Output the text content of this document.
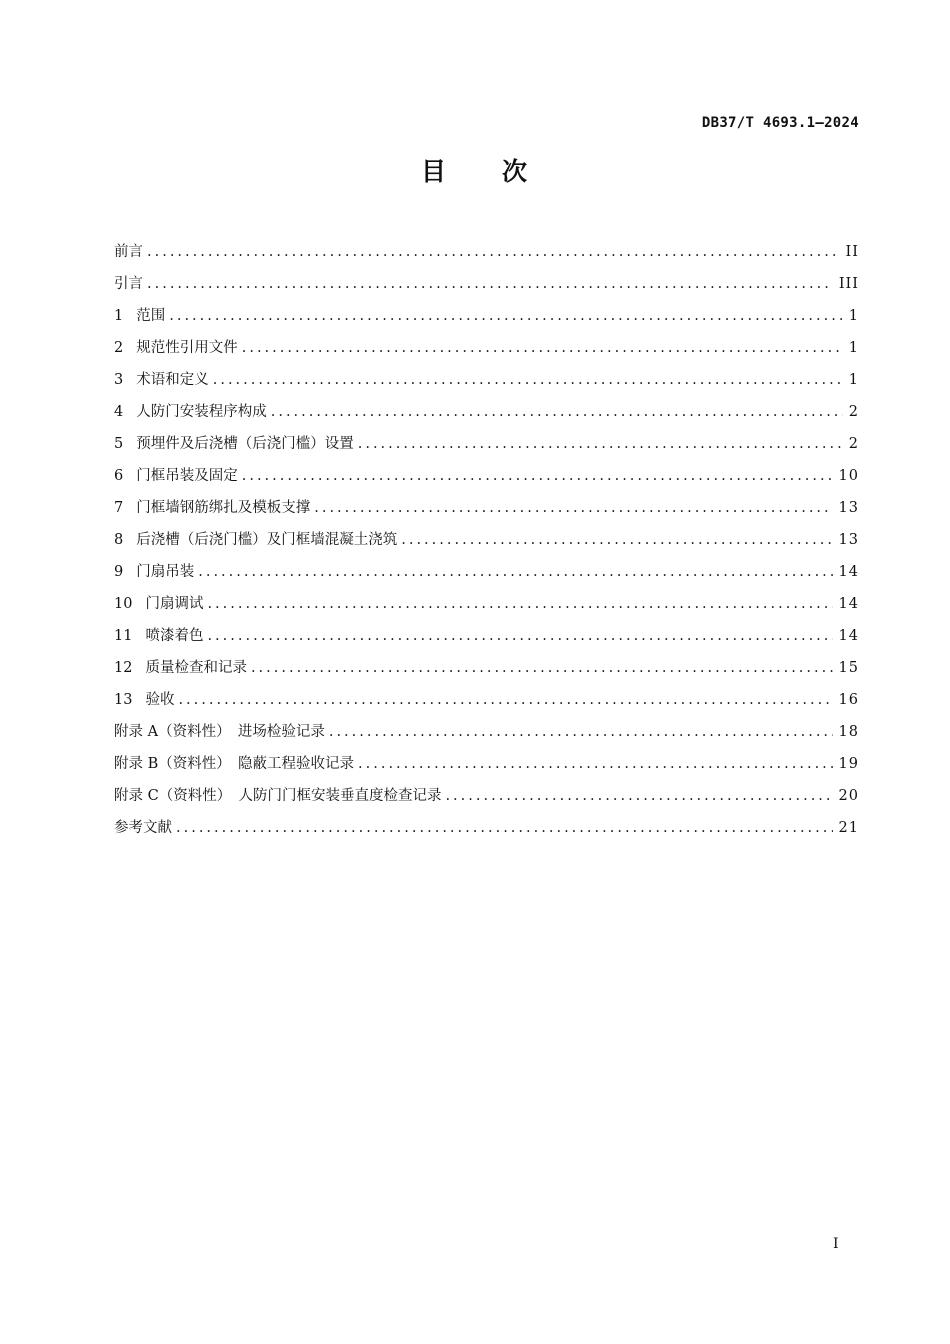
DB37/T 4693.1—2024
目　　次
前言 .....	II
引言 .....	III
1 范围 .....	1
2 规范性引用文件 .....	1
3 术语和定义 .....	1
4 人防门安装程序构成 .....	2
5 预埋件及后浇槽（后浇门槛）设置 .....	2
6 门框吊装及固定 .....	10
7 门框墙钢筋绑扎及模板支撑 .....	13
8 后浇槽（后浇门槛）及门框墙混凝土浇筑 .....	13
9 门扇吊装 .....	14
10 门扇调试 .....	14
11 喷漆着色 .....	14
12 质量检查和记录 .....	15
13 验收 .....	16
附录 A（资料性）　进场检验记录 .....	18
附录 B（资料性）　隐蔽工程验收记录 .....	19
附录 C（资料性）　人防门门框安装垂直度检查记录 .....	20
参考文献 .....	21
I
